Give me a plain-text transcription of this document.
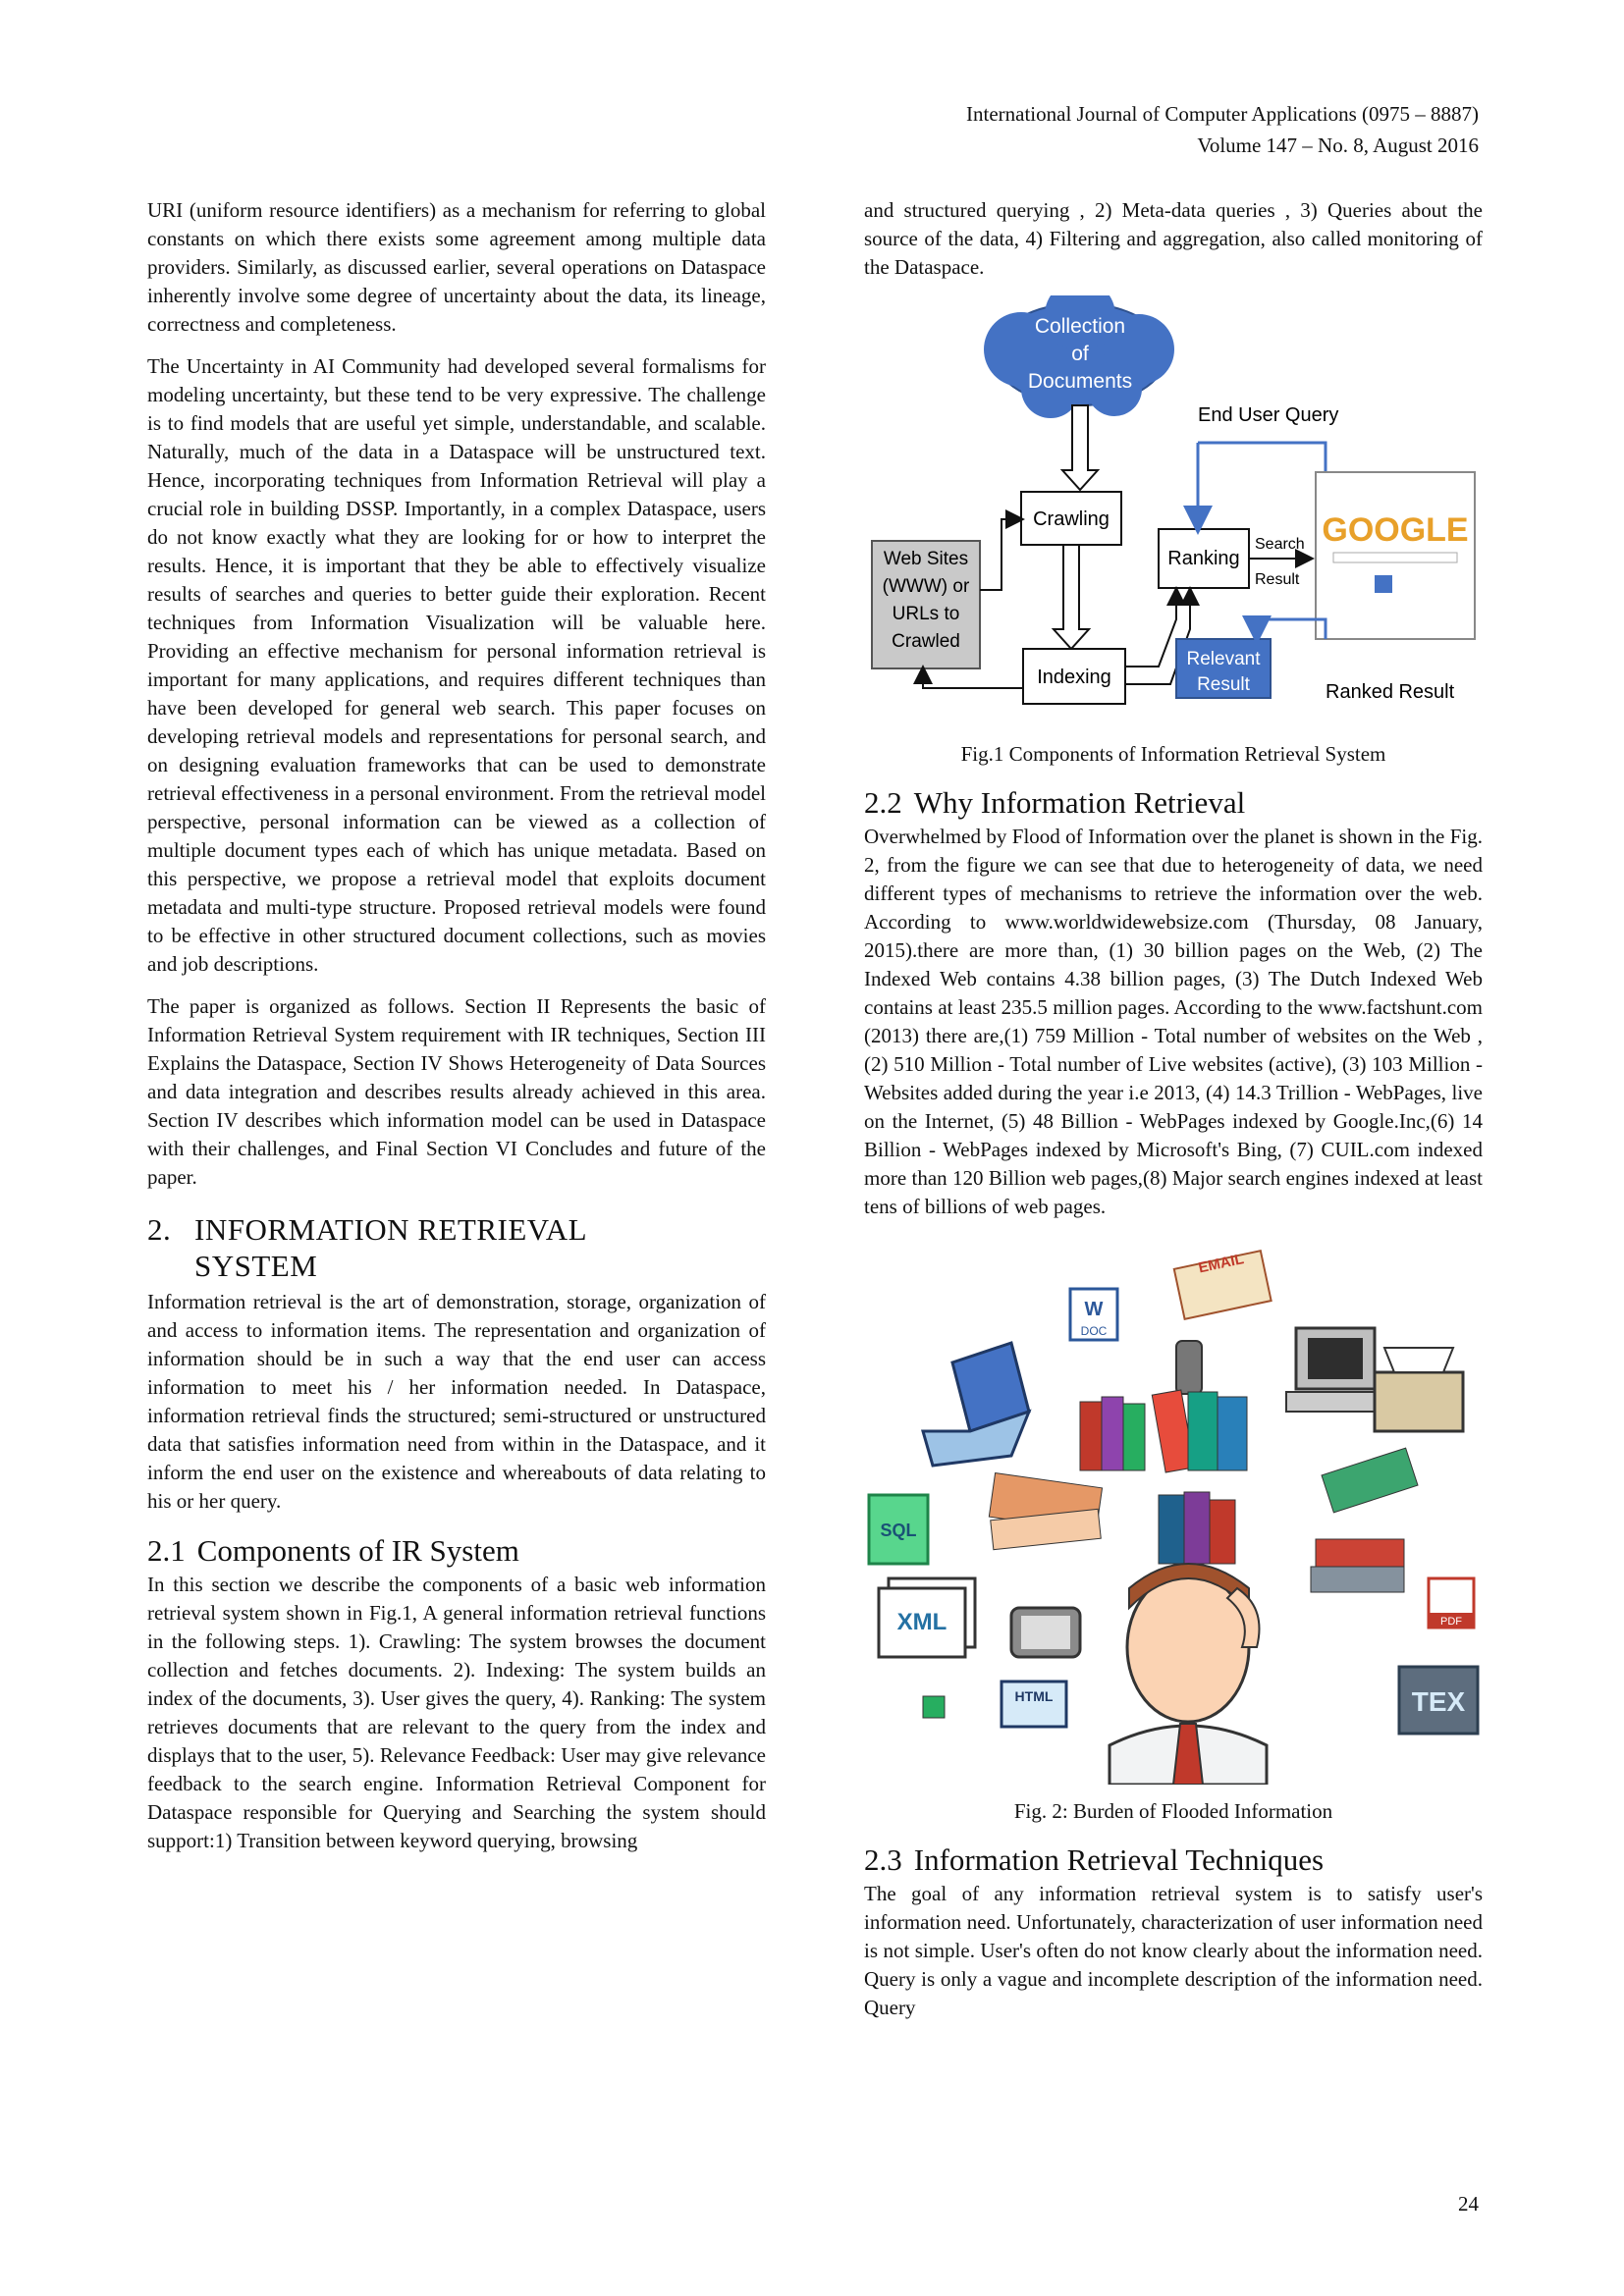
International Journal of Computer Applications (0975 – 8887)
Volume 147 – No. 8, August 2016

URI (uniform resource identifiers) as a mechanism for referring to global constants on which there exists some agreement among multiple data providers. Similarly, as discussed earlier, several operations on Dataspace inherently involve some degree of uncertainty about the data, its lineage, correctness and completeness.

The Uncertainty in AI Community had developed several formalisms for modeling uncertainty, but these tend to be very expressive. The challenge is to find models that are useful yet simple, understandable, and scalable. Naturally, much of the data in a Dataspace will be unstructured text. Hence, incorporating techniques from Information Retrieval will play a crucial role in building DSSP. Importantly, in a complex Dataspace, users do not know exactly what they are looking for or how to interpret the results. Hence, it is important that they be able to effectively visualize results of searches and queries to better guide their exploration. Recent techniques from Information Visualization will be valuable here. Providing an effective mechanism for personal information retrieval is important for many applications, and requires different techniques than have been developed for general web search. This paper focuses on developing retrieval models and representations for personal search, and on designing evaluation frameworks that can be used to demonstrate retrieval effectiveness in a personal environment. From the retrieval model perspective, personal information can be viewed as a collection of multiple document types each of which has unique metadata. Based on this perspective, we propose a retrieval model that exploits document metadata and multi-type structure. Proposed retrieval models were found to be effective in other structured document collections, such as movies and job descriptions.

The paper is organized as follows. Section II Represents the basic of Information Retrieval System requirement with IR techniques, Section III Explains the Dataspace, Section IV Shows Heterogeneity of Data Sources and data integration and describes results already achieved in this area. Section IV describes which information model can be used in Dataspace with their challenges, and Final Section VI Concludes and future of the paper.

2. INFORMATION RETRIEVAL
SYSTEM

Information retrieval is the art of demonstration, storage, organization of and access to information items. The representation and organization of information should be in such a way that the end user can access information to meet his / her information needed. In Dataspace, information retrieval finds the structured; semi-structured or unstructured data that satisfies information need from within in the Dataspace, and it inform the end user on the existence and whereabouts of data relating to his or her query.

2.1 Components of IR System

In this section we describe the components of a basic web information retrieval system shown in Fig.1, A general information retrieval functions in the following steps. 1). Crawling: The system browses the document collection and fetches documents. 2). Indexing: The system builds an index of the documents, 3). User gives the query, 4). Ranking: The system retrieves documents that are relevant to the query from the index and displays that to the user, 5). Relevance Feedback: User may give relevance feedback to the search engine. Information Retrieval Component for Dataspace responsible for Querying and Searching the system should support:1) Transition between keyword querying, browsing

and structured querying , 2) Meta-data queries , 3) Queries about the source of the data, 4) Filtering and aggregation, also called monitoring of the Dataspace.

Collection
of
Documents
Crawling
Web Sites
(WWW) or
URLs to
Crawled
Indexing
Ranking
End User Query
Search
Result
GOOGLE
Relevant
Result	Ranked Result
Fig.1 Components of Information Retrieval System
2.2 Why Information Retrieval

Overwhelmed by Flood of Information over the planet is shown in the Fig. 2, from the figure we can see that due to heterogeneity of data, we need different types of mechanisms to retrieve the information over the web. According to www.worldwidewebsize.com (Thursday, 08 January, 2015).there are more than, (1) 30 billion pages on the Web, (2) The Indexed Web contains 4.38 billion pages, (3) The Dutch Indexed Web contains at least 235.5 million pages. According to the www.factshunt.com (2013) there are,(1) 759 Million - Total number of websites on the Web ,(2) 510 Million - Total number of Live websites (active), (3) 103 Million - Websites added during the year i.e 2013, (4) 14.3 Trillion - WebPages, live on the Internet, (5) 48 Billion - WebPages indexed by Google.Inc,(6) 14 Billion - WebPages indexed by Microsoft's Bing, (7) CUIL.com indexed more than 120 Billion web pages,(8) Major search engines indexed at least tens of billions of web pages.

EMAIL
W
DOC
SQL
XML
HTML
PDF
TEX
Fig. 2: Burden of Flooded Information
2.3 Information Retrieval Techniques

The goal of any information retrieval system is to satisfy user's information need. Unfortunately, characterization of user information need is not simple. User's often do not know clearly about the information need. Query is only a vague and incomplete description of the information need. Query

24
